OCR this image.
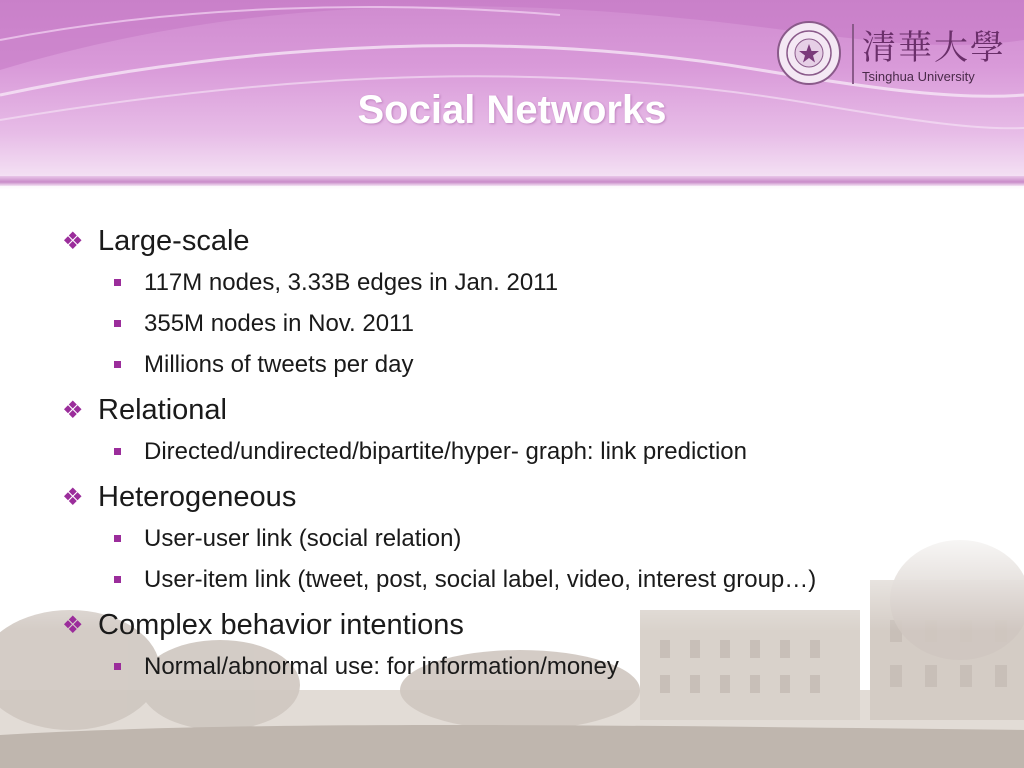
清華大學
Tsinghua University
Social Networks
❖ Large-scale
117M nodes, 3.33B edges in Jan. 2011
355M nodes in Nov. 2011
Millions of tweets per day
❖ Relational
Directed/undirected/bipartite/hyper- graph: link prediction
❖ Heterogeneous
User-user link (social relation)
User-item link (tweet, post, social label, video, interest group…)
❖ Complex behavior intentions
Normal/abnormal use: for information/money
